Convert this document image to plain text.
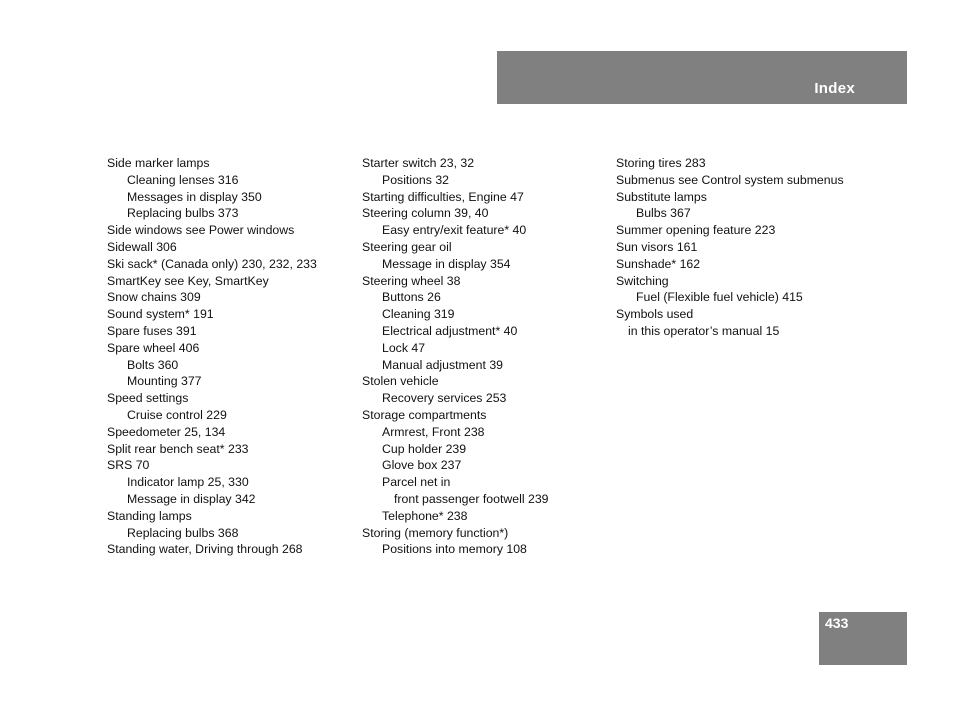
Index
Side marker lamps
Cleaning lenses 316
Messages in display 350
Replacing bulbs 373
Side windows see Power windows
Sidewall 306
Ski sack* (Canada only) 230, 232, 233
SmartKey see Key, SmartKey
Snow chains 309
Sound system* 191
Spare fuses 391
Spare wheel 406
Bolts 360
Mounting 377
Speed settings
Cruise control 229
Speedometer 25, 134
Split rear bench seat* 233
SRS 70
Indicator lamp 25, 330
Message in display 342
Standing lamps
Replacing bulbs 368
Standing water, Driving through 268
Starter switch 23, 32
Positions 32
Starting difficulties, Engine 47
Steering column 39, 40
Easy entry/exit feature* 40
Steering gear oil
Message in display 354
Steering wheel 38
Buttons 26
Cleaning 319
Electrical adjustment* 40
Lock 47
Manual adjustment 39
Stolen vehicle
Recovery services 253
Storage compartments
Armrest, Front 238
Cup holder 239
Glove box 237
Parcel net in
front passenger footwell 239
Telephone* 238
Storing (memory function*)
Positions into memory 108
Storing tires 283
Submenus see Control system submenus
Substitute lamps
Bulbs 367
Summer opening feature 223
Sun visors 161
Sunshade* 162
Switching
Fuel (Flexible fuel vehicle) 415
Symbols used
in this operator’s manual 15
433
